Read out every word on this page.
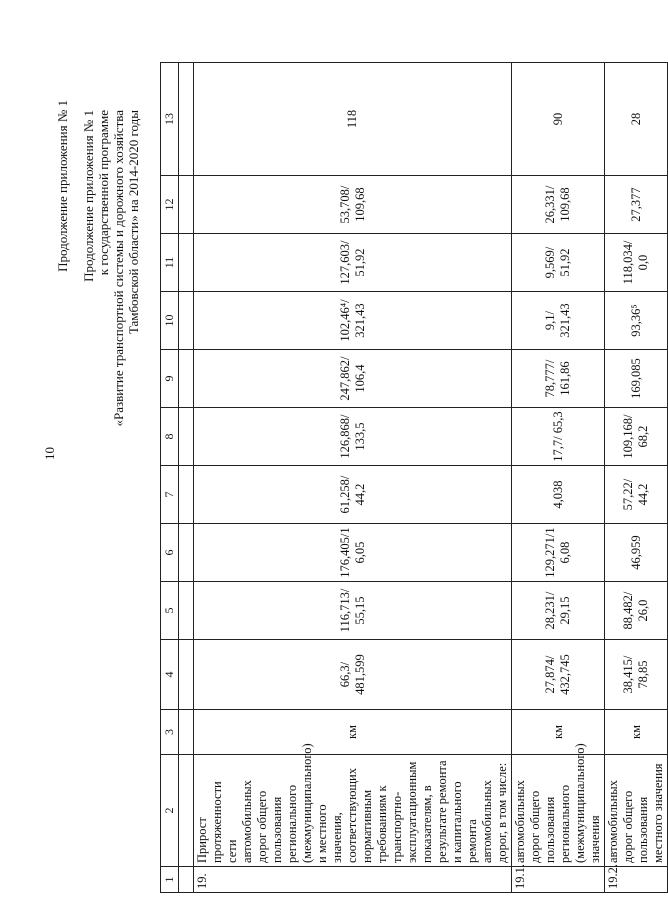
10
Продолжение приложения № 1 Продолжение приложения № 1 к государственной программе «Развитие транспортной системы и дорожного хозяйства Тамбовской области» на 2014-2020 годы
1	2	3	4	5	6	7	8	9	10	11	12	13

19.	Прирост протяженности сети автомобильных дорог общего пользования регионального (межмуниципального) и местного значения, соответствующих нормативным требованиям к транспортно-эксплуатационным показателям, в результате ремонта и капитального ремонта автомобильных дорог, в том числе:	км	66,3/ 481,599	116,713/ 55,15	176,405/1 6,05	61,258/ 44,2	126,868/ 133,5	247,862/ 106,4	102,46⁴/ 321,43	127,603/ 51,92	53,708/ 109,68	118
19.1.	автомобильных дорог общего пользования регионального (межмуниципального) значения	км	27,874/ 432,745	28,231/ 29,15	129,271/1 6,08	4,038	17,7/ 65,3	78,777/ 161,86	9,1/ 321,43	9,569/ 51,92	26,331/ 109,68	90
19.2.	автомобильных дорог общего пользования местного значения	км	38,415/ 78,85	88,482/ 26,0	46,959	57,22/ 44,2	109,168/ 68,2	169,085	93,36⁵	118,034/ 0,0	27,377	28
